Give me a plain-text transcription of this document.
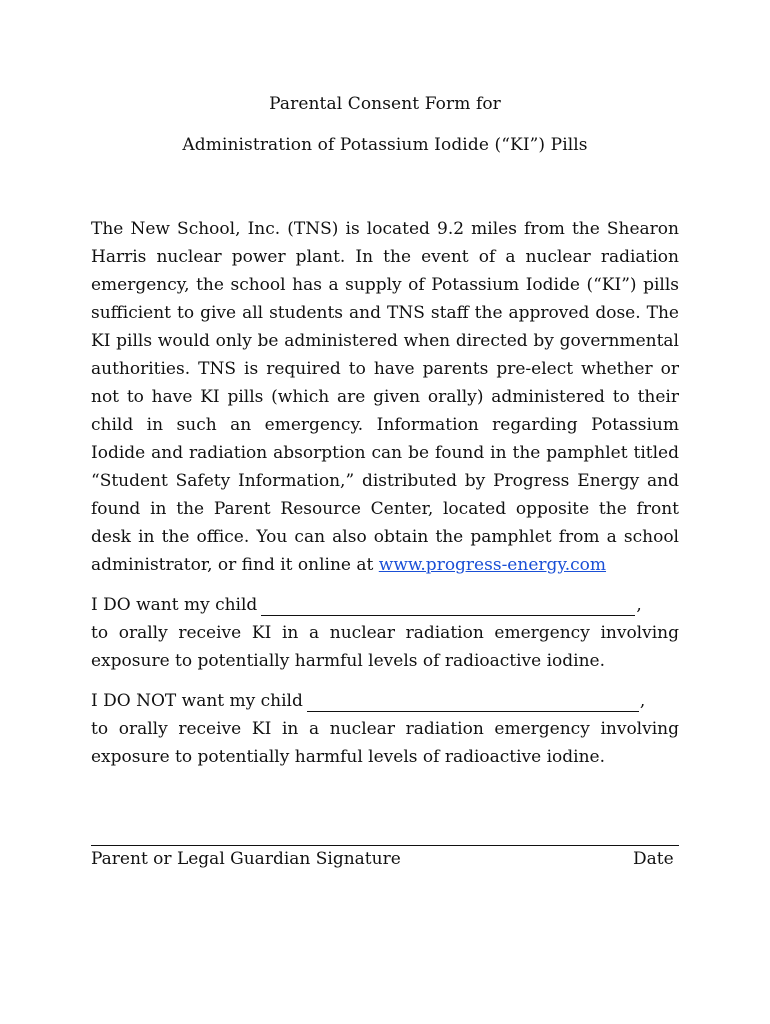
Parental Consent Form for
Administration of Potassium Iodide (“KI”) Pills
The New School, Inc. (TNS) is located 9.2 miles from the Shearon Harris nuclear power plant. In the event of a nuclear radiation emergency, the school has a supply of Potassium Iodide (“KI”) pills sufficient to give all students and TNS staff the approved dose. The KI pills would only be administered when directed by governmental authorities. TNS is required to have parents pre-elect whether or not to have KI pills (which are given orally) administered to their child in such an emergency. Information regarding Potassium Iodide and radiation absorption can be found in the pamphlet titled “Student Safety Information,” distributed by Progress Energy and found in the Parent Resource Center, located opposite the front desk in the office. You can also obtain the pamphlet from a school administrator, or find it online at www.progress-energy.com
I DO want my child	,
to orally receive KI in a nuclear radiation emergency involving exposure to potentially harmful levels of radioactive iodine.
I DO NOT want my child	,
to orally receive KI in a nuclear radiation emergency involving exposure to potentially harmful levels of radioactive iodine.
Parent or Legal Guardian Signature	Date
